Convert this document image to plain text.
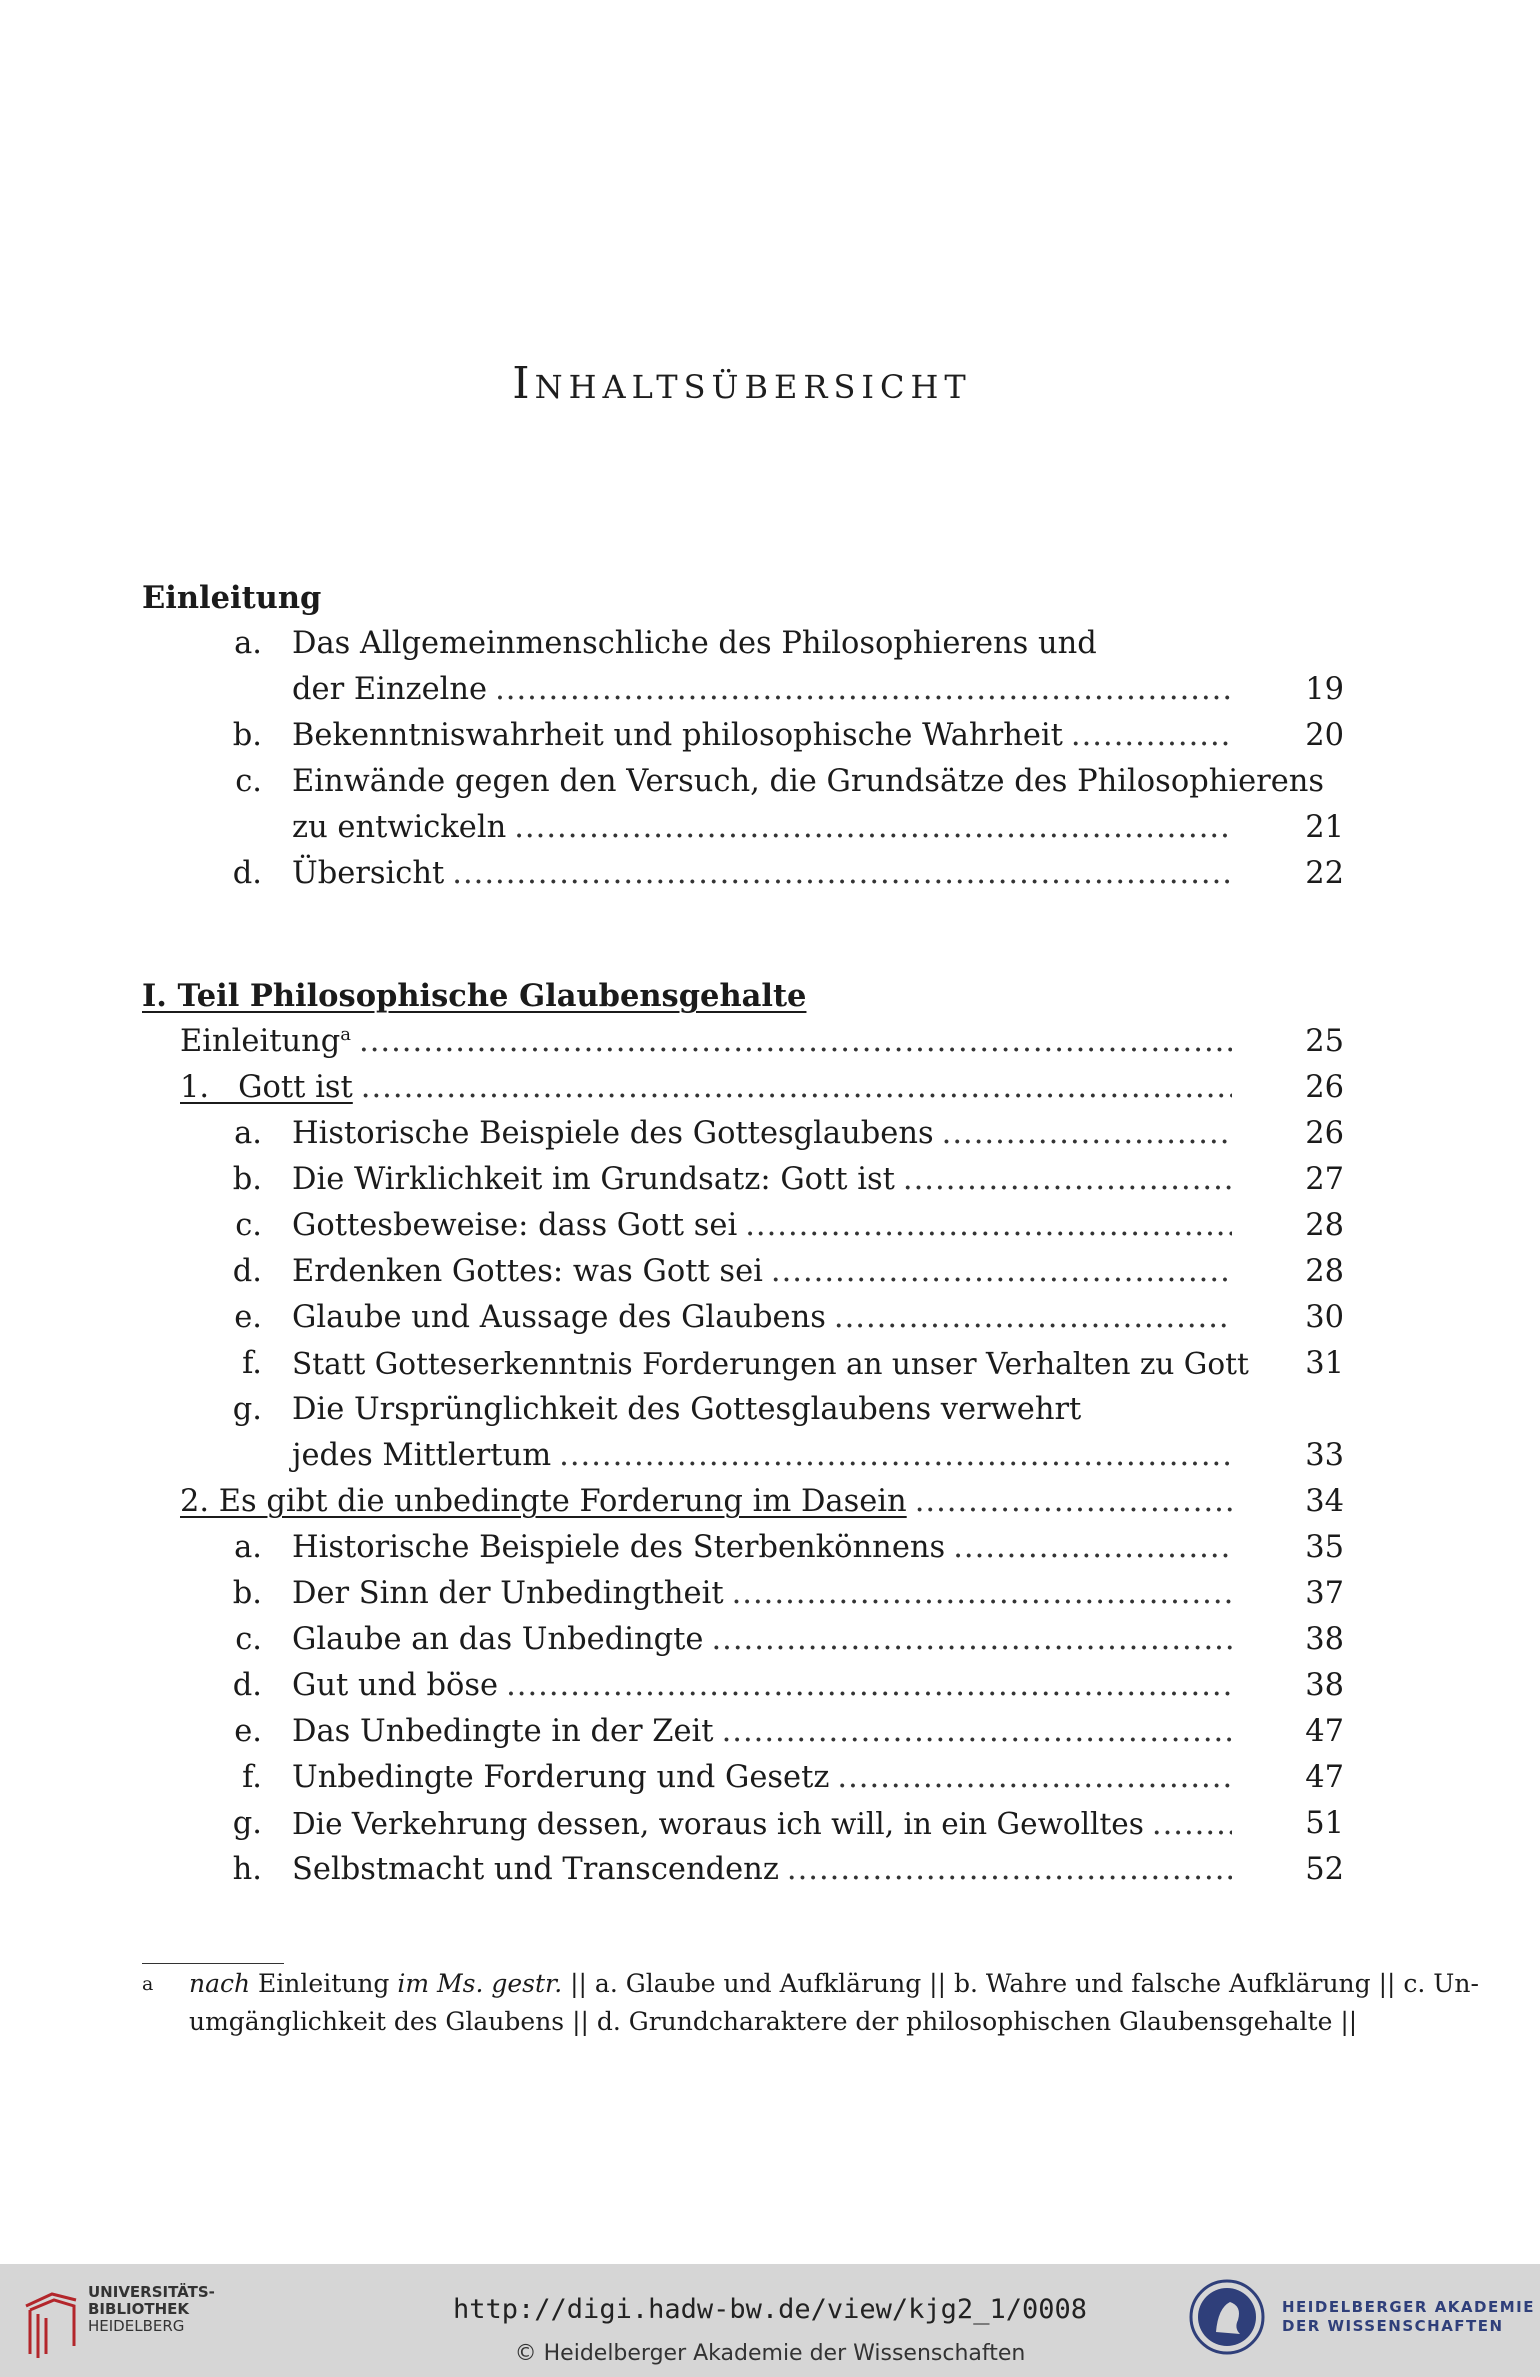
INHALTSÜBERSICHT
Einleitung
a. Das Allgemeinmenschliche des Philosophierens und
der Einzelne .....	19
b. Bekenntniswahrheit und philosophische Wahrheit .....	20
c. Einwände gegen den Versuch, die Grundsätze des Philosophierens
zu entwickeln .....	21
d. Übersicht .....	22
I. Teil Philosophische Glaubensgehalte
Einleitung$^a$ .....	25
1.   Gott ist .....	26
a. Historische Beispiele des Gottesglaubens .....	26
b. Die Wirklichkeit im Grundsatz: Gott ist .....	27
c. Gottesbeweise: dass Gott sei .....	28
d. Erdenken Gottes: was Gott sei .....	28
e. Glaube und Aussage des Glaubens .....	30
f. Statt Gotteserkenntnis Forderungen an unser Verhalten zu Gott	31
g. Die Ursprünglichkeit des Gottesglaubens verwehrt
jedes Mittlertum .....	33
2. Es gibt die unbedingte Forderung im Dasein .....	34
a. Historische Beispiele des Sterbenkönnens .....	35
b. Der Sinn der Unbedingtheit .....	37
c. Glaube an das Unbedingte .....	38
d. Gut und böse .....	38
e. Das Unbedingte in der Zeit .....	47
f. Unbedingte Forderung und Gesetz .....	47
g. Die Verkehrung dessen, woraus ich will, in ein Gewolltes .....	51
h. Selbstmacht und Transcendenz .....	52
a nach Einleitung im Ms. gestr. || a. Glaube und Aufklärung || b. Wahre und falsche Aufklärung || c. Un-
umgänglichkeit des Glaubens || d. Grundcharaktere der philosophischen Glaubensgehalte ||
UNIVERSITÄTS-
BIBLIOTHEK
HEIDELBERG
http://digi.hadw-bw.de/view/kjg2_1/0008
© Heidelberger Akademie der Wissenschaften
HEIDELBERGER AKADEMIE
DER WISSENSCHAFTEN
